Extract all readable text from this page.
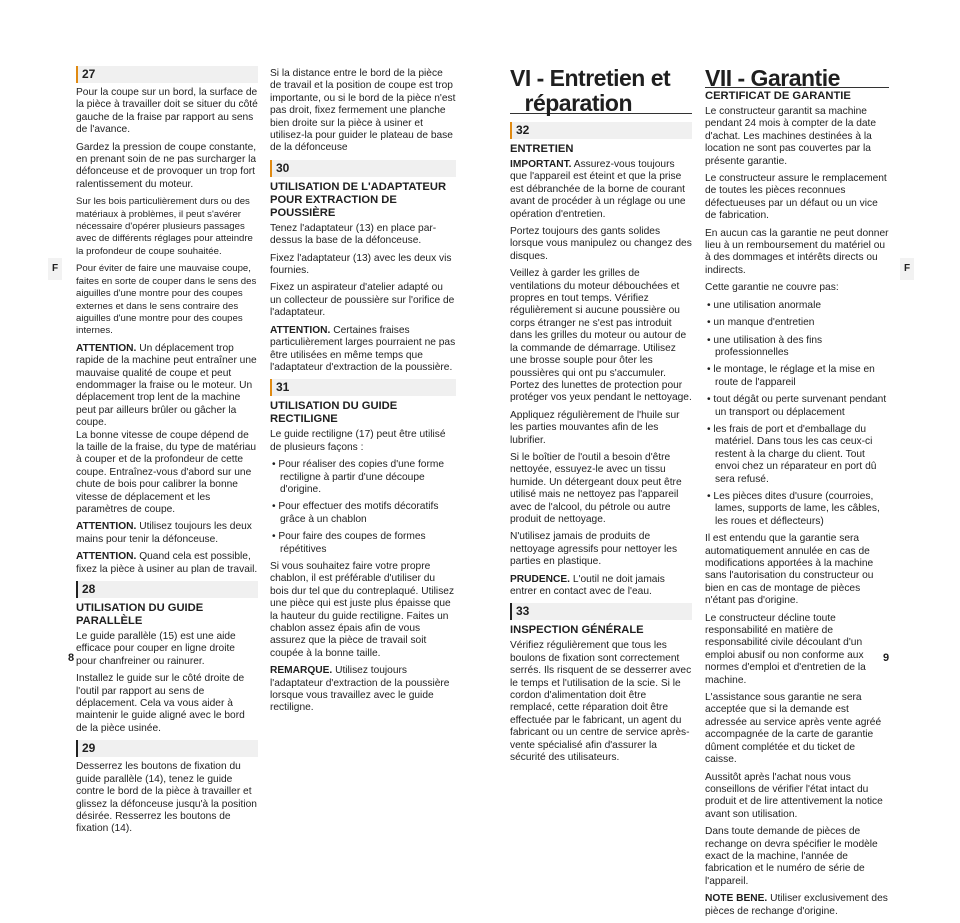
F	F
27

Pour la coupe sur un bord, la surface de la pièce à travailler doit se situer du côté gauche de la fraise par rapport au sens de l'avance.

Gardez la pression de coupe constante, en prenant soin de ne pas surcharger la défonceuse et de provoquer un trop fort ralentissement du moteur.

Sur les bois particulièrement durs ou des matériaux à problèmes, il peut s'avérer nécessaire d'opérer plusieurs passages avec de différents réglages pour atteindre la profondeur de coupe souhaitée.

Pour éviter de faire une mauvaise coupe, faites en sorte de couper dans le sens des aiguilles d'une montre pour des coupes externes et dans le sens contraire des aiguilles d'une montre pour des coupes internes.

ATTENTION. Un déplacement trop rapide de la machine peut entraîner une mauvaise qualité de coupe et peut endommager la fraise ou le moteur. Un déplacement trop lent de la machine peut par ailleurs brûler ou gâcher la coupe.

La bonne vitesse de coupe dépend de la taille de la fraise, du type de matériau à couper et de la profondeur de cette coupe. Entraînez-vous d'abord sur une chute de bois pour calibrer la bonne vitesse de déplacement et les paramètres de coupe.

ATTENTION. Utilisez toujours les deux mains pour tenir la défonceuse.

ATTENTION. Quand cela est possible, fixez la pièce à usiner au plan de travail.

28
UTILISATION DU GUIDE PARALLÈLE

Le guide parallèle (15) est une aide efficace pour couper en ligne droite pour chanfreiner ou rainurer.

Installez le guide sur le côté droite de l'outil par rapport au sens de déplacement. Cela va vous aider à maintenir le guide aligné avec le bord de la pièce usinée.

29

Desserrez les boutons de fixation du guide parallèle (14), tenez le guide contre le bord de la pièce à travailler et glissez la défonceuse jusqu'à la position désirée. Resserrez les boutons de fixation (14).

Si la distance entre le bord de la pièce de travail et la position de coupe est trop importante, ou si le bord de la pièce n'est pas droit, fixez fermement une planche bien droite sur la pièce à usiner et utilisez-la pour guider le plateau de base de la défonceuse

30
UTILISATION DE L'ADAPTATEUR POUR EXTRACTION DE POUSSIÈRE

Tenez l'adaptateur (13) en place par-dessus la base de la défonceuse.

Fixez l'adaptateur (13) avec les deux vis fournies.

Fixez un aspirateur d'atelier adapté ou un collecteur de poussière sur l'orifice de l'adaptateur.

ATTENTION. Certaines fraises particulièrement larges pourraient ne pas être utilisées en même temps que l'adaptateur d'extraction de la poussière.

31
UTILISATION DU GUIDE RECTILIGNE

Le guide rectiligne (17) peut être utilisé de plusieurs façons :

• Pour réaliser des copies d'une forme rectiligne à partir d'une découpe d'origine.

• Pour effectuer des motifs décoratifs grâce à un chablon

• Pour faire des coupes de formes répétitives

Si vous souhaitez faire votre propre chablon, il est préférable d'utiliser du bois dur tel que du contreplaqué. Utilisez une pièce qui est juste plus épaisse que la hauteur du guide rectiligne. Faites un chablon assez épais afin de vous assurez que la pièce de travail soit coupée à la bonne taille.

REMARQUE. Utilisez toujours l'adaptateur d'extraction de la poussière lorsque vous travaillez avec le guide rectiligne.

VI - Entretien et
réparation
32
ENTRETIEN

IMPORTANT. Assurez-vous toujours que l'appareil est éteint et que la prise est débranchée de la borne de courant avant de procéder à un réglage ou une opération d'entretien.

Portez toujours des gants solides lorsque vous manipulez ou changez des disques.

Veillez à garder les grilles de ventilations du moteur débouchées et propres en tout temps. Vérifiez régulièrement si aucune poussière ou corps étranger ne s'est pas introduit dans les grilles du moteur ou autour de la commande de démarrage. Utilisez une brosse souple pour ôter les poussières qui ont pu s'accumuler. Portez des lunettes de protection pour protéger vos yeux pendant le nettoyage.

Appliquez régulièrement de l'huile sur les parties mouvantes afin de les lubrifier.

Si le boîtier de l'outil a besoin d'être nettoyée, essuyez-le avec un tissu humide. Un détergeant doux peut être utilisé mais ne nettoyez pas l'appareil avec de l'alcool, du pétrole ou autre produit de nettoyage.

N'utilisez jamais de produits de nettoyage agressifs pour nettoyer les parties en plastique.

PRUDENCE. L'outil ne doit jamais entrer en contact avec de l'eau.

33
INSPECTION GÉNÉRALE

Vérifiez régulièrement que tous les boulons de fixation sont correctement serrés. Ils risquent de se desserrer avec le temps et l'utilisation de la scie. Si le cordon d'alimentation doit être remplacé, cette réparation doit être effectuée par le fabricant, un agent du fabricant ou un centre de service après-vente spécialisé afin d'assurer la sécurité des utilisateurs.

VII - Garantie
CERTIFICAT DE GARANTIE

Le constructeur garantit sa machine pendant 24 mois à compter de la date d'achat. Les machines destinées à la location ne sont pas couvertes par la présente garantie.

Le constructeur assure le remplacement de toutes les pièces reconnues défectueuses par un défaut ou un vice de fabrication.

En aucun cas la garantie ne peut donner lieu à un remboursement du matériel ou à des dommages et intérêts directs ou indirects.

Cette garantie ne couvre pas:

• une utilisation anormale

• un manque d'entretien

• une utilisation à des fins professionnelles

• le montage, le réglage et la mise en route de l'appareil

• tout dégât ou perte survenant pendant un transport ou déplacement

• les frais de port et d'emballage du matériel. Dans tous les cas ceux-ci restent à la charge du client. Tout envoi chez un réparateur en port dû sera refusé.

• Les pièces dites d'usure (courroies, lames, supports de lame, les câbles, les roues et déflecteurs)

Il est entendu que la garantie sera automatiquement annulée en cas de modifications apportées à la machine sans l'autorisation du constructeur ou bien en cas de montage de pièces n'étant pas d'origine.

Le constructeur décline toute responsabilité en matière de responsabilité civile découlant d'un emploi abusif ou non conforme aux normes d'emploi et d'entretien de la machine.

L'assistance sous garantie ne sera acceptée que si la demande est adressée au service après vente agréé accompagnée de la carte de garantie dûment complétée et du ticket de caisse.

Aussitôt après l'achat nous vous conseillons de vérifier l'état intact du produit et de lire attentivement la notice avant son utilisation.

Dans toute demande de pièces de rechange on devra spécifier le modèle exact de la machine, l'année de fabrication et le numéro de série de l'appareil.

NOTE BENE. Utiliser exclusivement des pièces de rechange d'origine.

8	9
